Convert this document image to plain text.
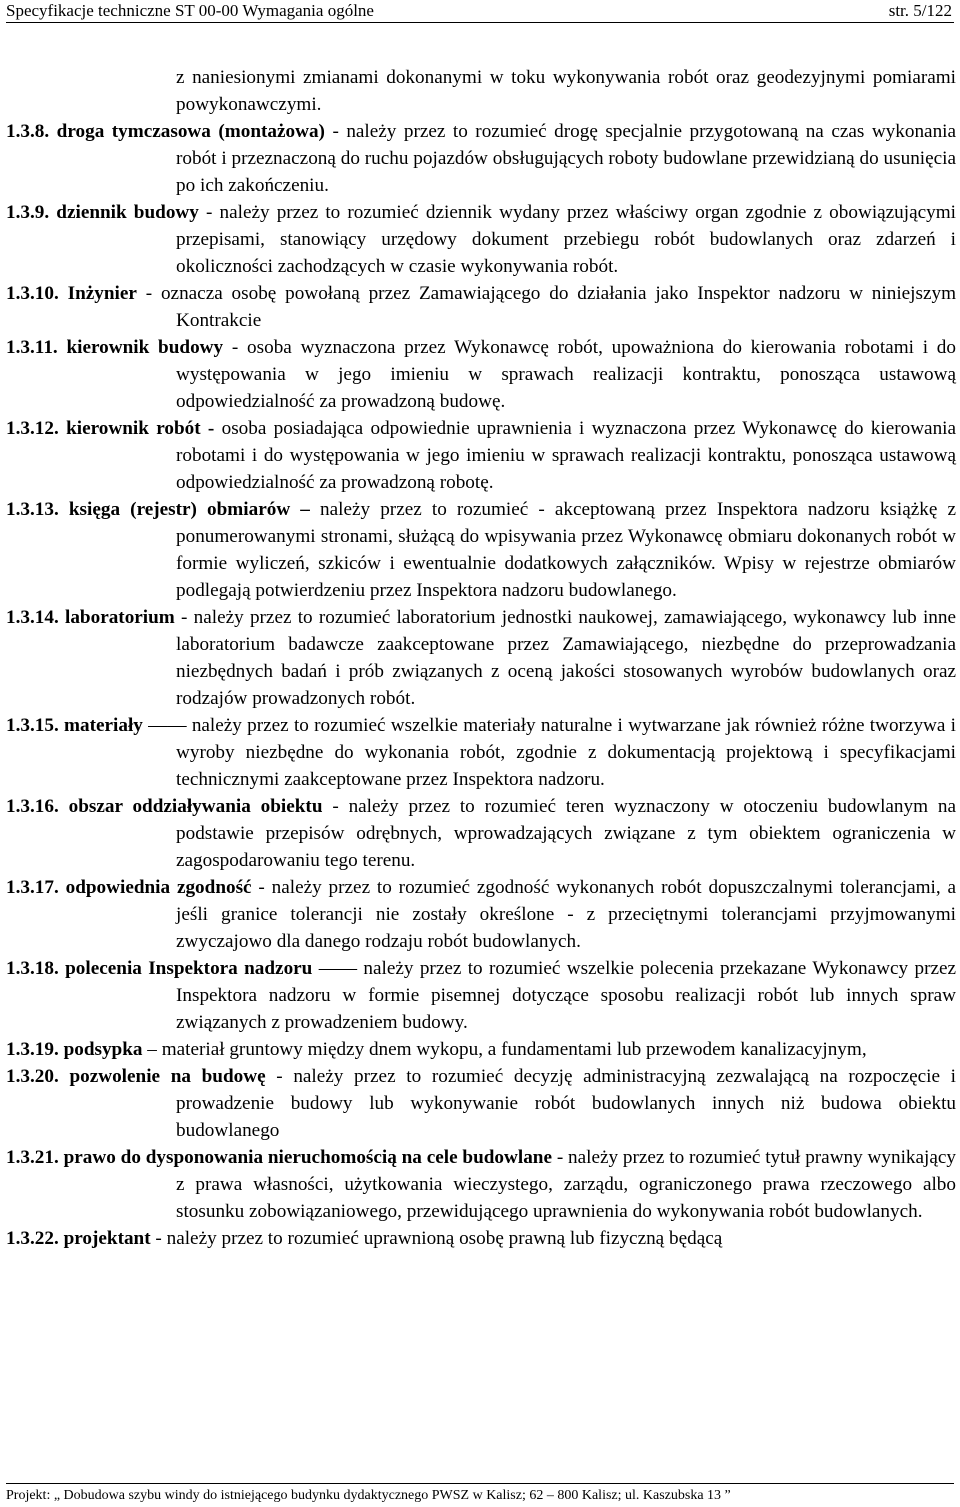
Specyfikacje techniczne ST 00-00 Wymagania ogólne	str. 5/122

z naniesionymi zmianami dokonanymi w toku wykonywania robót oraz geodezyjnymi pomiarami powykonawczymi.

1.3.8. droga tymczasowa (montażowa) - należy przez to rozumieć drogę specjalnie przygotowaną na czas wykonania robót i przeznaczoną do ruchu pojazdów obsługujących roboty budowlane przewidzianą do usunięcia po ich zakończeniu.

1.3.9. dziennik budowy - należy przez to rozumieć dziennik wydany przez właściwy organ zgodnie z obowiązującymi przepisami, stanowiący urzędowy dokument przebiegu robót budowlanych oraz zdarzeń i okoliczności zachodzących w czasie wykonywania robót.

1.3.10. Inżynier - oznacza osobę powołaną przez Zamawiającego do działania jako Inspektor nadzoru w niniejszym Kontrakcie

1.3.11. kierownik budowy - osoba wyznaczona przez Wykonawcę robót, upoważniona do kierowania robotami i do występowania w jego imieniu w sprawach realizacji kontraktu, ponosząca ustawową odpowiedzialność za prowadzoną budowę.

1.3.12. kierownik robót - osoba posiadająca odpowiednie uprawnienia i wyznaczona przez Wykonawcę do kierowania robotami i do występowania w jego imieniu w sprawach realizacji kontraktu, ponosząca ustawową odpowiedzialność za prowadzoną robotę.

1.3.13. księga (rejestr) obmiarów – należy przez to rozumieć - akceptowaną przez Inspektora nadzoru książkę z ponumerowanymi stronami, służącą do wpisywania przez Wykonawcę obmiaru dokonanych robót w formie wyliczeń, szkiców i ewentualnie dodatkowych załączników. Wpisy w rejestrze obmiarów podlegają potwierdzeniu przez Inspektora nadzoru budowlanego.

1.3.14. laboratorium - należy przez to rozumieć laboratorium jednostki naukowej, zamawiającego, wykonawcy lub inne laboratorium badawcze zaakceptowane przez Zamawiającego, niezbędne do przeprowadzania niezbędnych badań i prób związanych z oceną jakości stosowanych wyrobów budowlanych oraz rodzajów prowadzonych robót.

1.3.15. materiały —— należy przez to rozumieć wszelkie materiały naturalne i wytwarzane jak również różne tworzywa i wyroby niezbędne do wykonania robót, zgodnie z dokumentacją projektową i specyfikacjami technicznymi zaakceptowane przez Inspektora nadzoru.

1.3.16. obszar oddziaływania obiektu - należy przez to rozumieć teren wyznaczony w otoczeniu budowlanym na podstawie przepisów odrębnych, wprowadzających związane z tym obiektem ograniczenia w zagospodarowaniu tego terenu.

1.3.17. odpowiednia zgodność - należy przez to rozumieć zgodność wykonanych robót dopuszczalnymi tolerancjami, a jeśli granice tolerancji nie zostały określone - z przeciętnymi tolerancjami przyjmowanymi zwyczajowo dla danego rodzaju robót budowlanych.

1.3.18. polecenia Inspektora nadzoru —— należy przez to rozumieć wszelkie polecenia przekazane Wykonawcy przez Inspektora nadzoru w formie pisemnej dotyczące sposobu realizacji robót lub innych spraw związanych z prowadzeniem budowy.

1.3.19. podsypka – materiał gruntowy między dnem wykopu, a fundamentami lub przewodem kanalizacyjnym,

1.3.20. pozwolenie na budowę - należy przez to rozumieć decyzję administracyjną zezwalającą na rozpoczęcie i prowadzenie budowy lub wykonywanie robót budowlanych innych niż budowa obiektu budowlanego

1.3.21. prawo do dysponowania nieruchomością na cele budowlane - należy przez to rozumieć tytuł prawny wynikający z prawa własności, użytkowania wieczystego, zarządu, ograniczonego prawa rzeczowego albo stosunku zobowiązaniowego, przewidującego uprawnienia do wykonywania robót budowlanych.

1.3.22. projektant - należy przez to rozumieć uprawnioną osobę prawną lub fizyczną będącą

Projekt: „ Dobudowa szybu windy do istniejącego budynku dydaktycznego PWSZ w Kalisz; 62 – 800 Kalisz; ul. Kaszubska 13 ”
